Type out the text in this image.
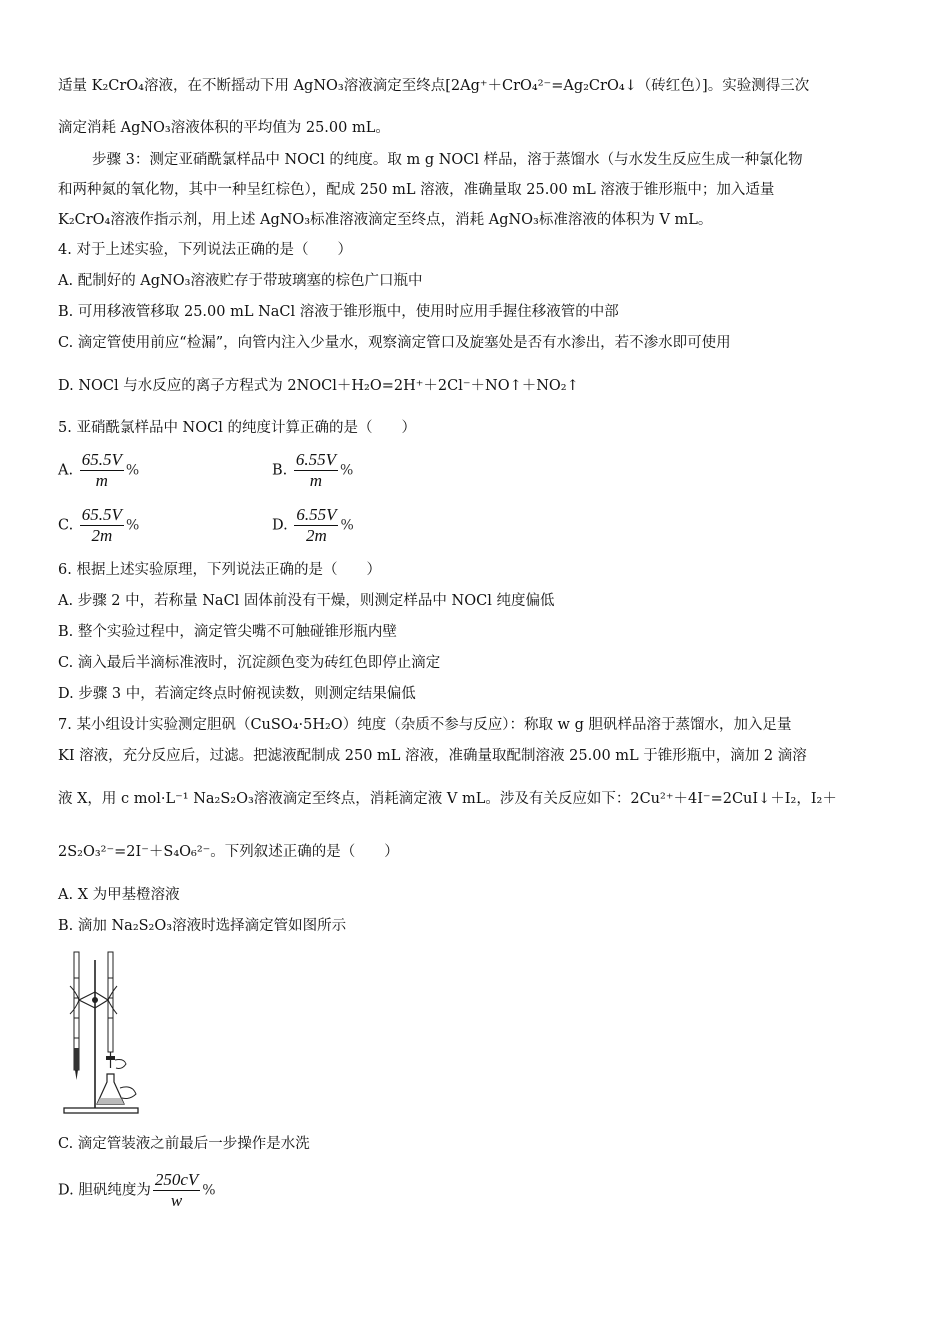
适量 K₂CrO₄溶液，在不断摇动下用 AgNO₃溶液滴定至终点[2Ag⁺＋CrO₄²⁻=Ag₂CrO₄↓（砖红色）]。实验测得三次
滴定消耗 AgNO₃溶液体积的平均值为 25.00 mL。
步骤 3：测定亚硝酰氯样品中 NOCl 的纯度。取 m g NOCl 样品，溶于蒸馏水（与水发生反应生成一种氯化物
和两种氮的氧化物，其中一种呈红棕色），配成 250 mL 溶液，准确量取 25.00 mL 溶液于锥形瓶中；加入适量
K₂CrO₄溶液作指示剂，用上述 AgNO₃标准溶液滴定至终点，消耗 AgNO₃标准溶液的体积为 V mL。
4. 对于上述实验，下列说法正确的是（　　）
A. 配制好的 AgNO₃溶液贮存于带玻璃塞的棕色广口瓶中
B. 可用移液管移取 25.00 mL NaCl 溶液于锥形瓶中，使用时应用手握住移液管的中部
C. 滴定管使用前应“检漏”，向管内注入少量水，观察滴定管口及旋塞处是否有水渗出，若不渗水即可使用
D. NOCl 与水反应的离子方程式为 2NOCl＋H₂O=2H⁺＋2Cl⁻＋NO↑＋NO₂↑
5. 亚硝酰氯样品中 NOCl 的纯度计算正确的是（　　）
A. $\frac{65.5V}{m}$ %	B. $\frac{6.55V}{m}$ %
C. $\frac{65.5V}{2m}$ %	D. $\frac{6.55V}{2m}$ %
6. 根据上述实验原理，下列说法正确的是（　　）
A. 步骤 2 中，若称量 NaCl 固体前没有干燥，则测定样品中 NOCl 纯度偏低
B. 整个实验过程中，滴定管尖嘴不可触碰锥形瓶内壁
C. 滴入最后半滴标准液时，沉淀颜色变为砖红色即停止滴定
D. 步骤 3 中，若滴定终点时俯视读数，则测定结果偏低
7. 某小组设计实验测定胆矾（CuSO₄·5H₂O）纯度（杂质不参与反应）：称取 w g 胆矾样品溶于蒸馏水，加入足量
KI 溶液，充分反应后，过滤。把滤液配制成 250 mL 溶液，准确量取配制溶液 25.00 mL 于锥形瓶中，滴加 2 滴溶
液 X，用 c mol·L⁻¹ Na₂S₂O₃溶液滴定至终点，消耗滴定液 V mL。涉及有关反应如下：2Cu²⁺＋4I⁻=2CuI↓＋I₂，I₂＋
2S₂O₃²⁻=2I⁻＋S₄O₆²⁻。下列叙述正确的是（　　）
A. X 为甲基橙溶液
B. 滴加 Na₂S₂O₃溶液时选择滴定管如图所示
C. 滴定管装液之前最后一步操作是水洗
D. 胆矾纯度为 $\frac{250cV}{w}$ %
